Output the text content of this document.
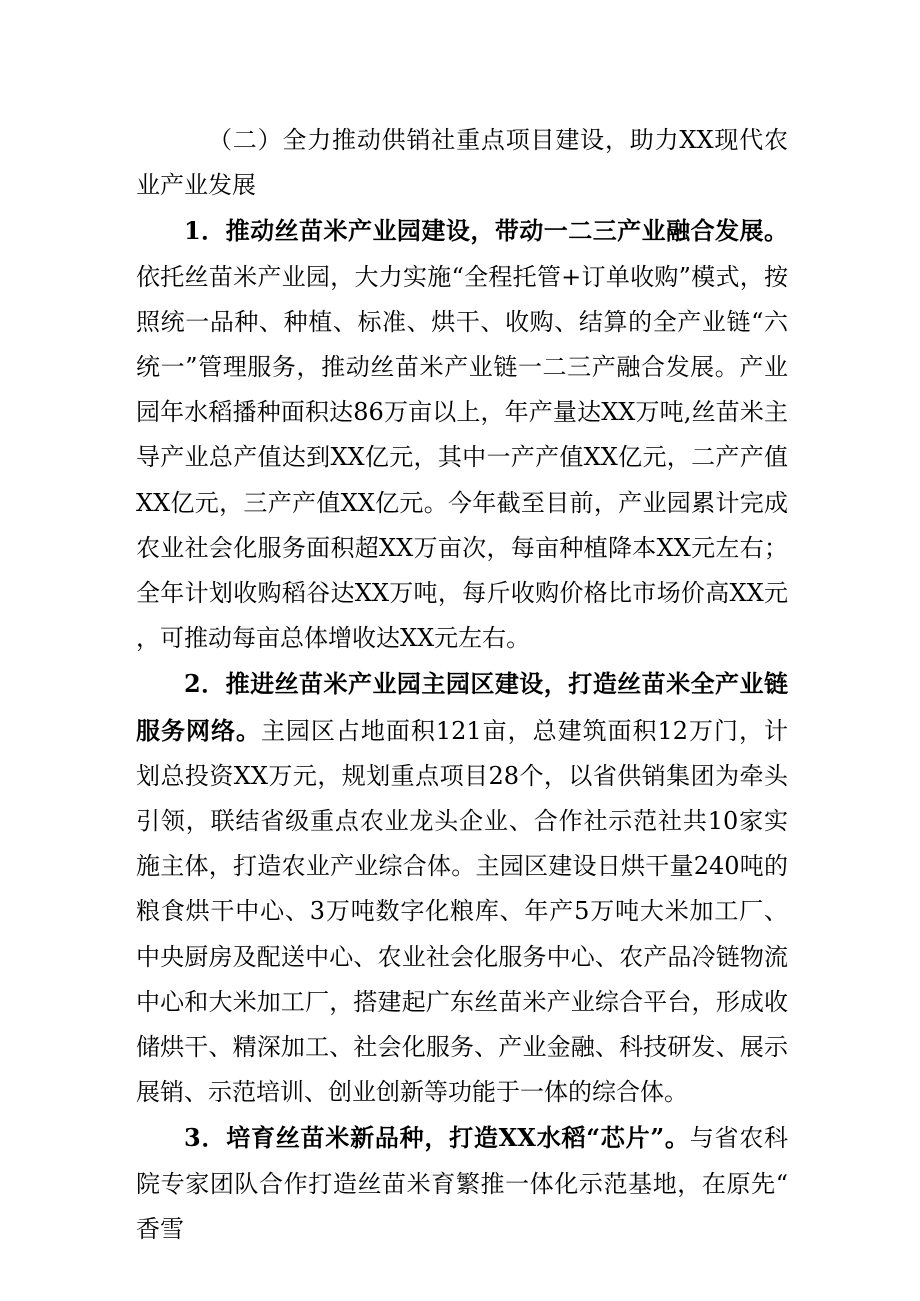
（二）全力推动供销社重点项目建设，助力XX现代农业产业发展

1．推动丝苗米产业园建设，带动一二三产业融合发展。依托丝苗米产业园，大力实施“全程托管+订单收购”模式，按照统一品种、种植、标准、烘干、收购、结算的全产业链“六统一”管理服务，推动丝苗米产业链一二三产融合发展。产业园年水稻播种面积达86万亩以上，年产量达XX万吨,丝苗米主导产业总产值达到XX亿元，其中一产产值XX亿元，二产产值XX亿元，三产产值XX亿元。今年截至目前，产业园累计完成农业社会化服务面积超XX万亩次，每亩种植降本XX元左右；全年计划收购稻谷达XX万吨，每斤收购价格比市场价高XX元，可推动每亩总体增收达XX元左右。

2．推进丝苗米产业园主园区建设，打造丝苗米全产业链服务网络。主园区占地面积121亩，总建筑面积12万门，计划总投资XX万元，规划重点项目28个，以省供销集团为牵头引领，联结省级重点农业龙头企业、合作社示范社共10家实施主体，打造农业产业综合体。主园区建设日烘干量240吨的粮食烘干中心、3万吨数字化粮库、年产5万吨大米加工厂、中央厨房及配送中心、农业社会化服务中心、农产品冷链物流中心和大米加工厂，搭建起广东丝苗米产业综合平台，形成收储烘干、精深加工、社会化服务、产业金融、科技研发、展示展销、示范培训、创业创新等功能于一体的综合体。

3．培育丝苗米新品种，打造XX水稻“芯片”。与省农科院专家团队合作打造丝苗米育繁推一体化示范基地，在原先“香雪
